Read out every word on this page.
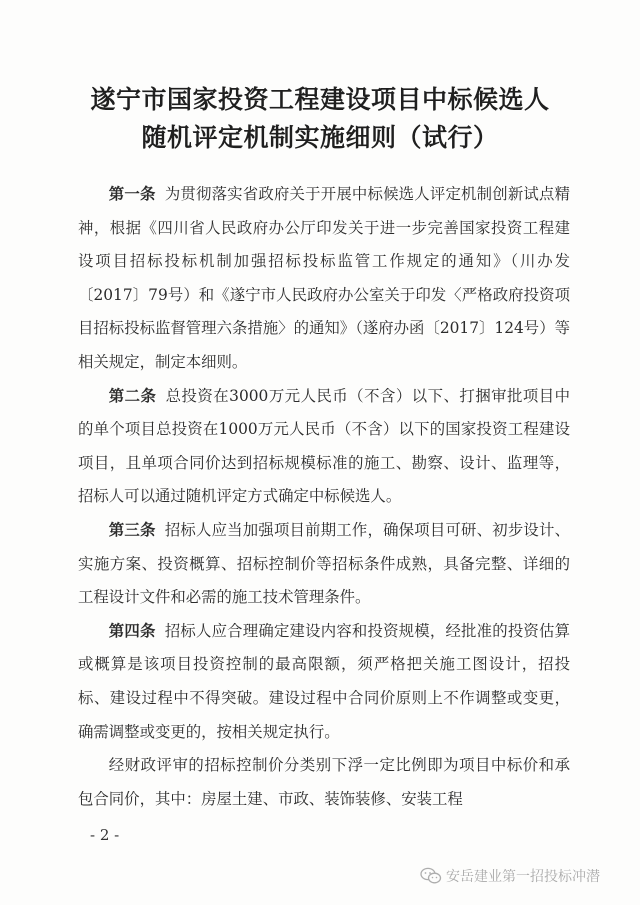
遂宁市国家投资工程建设项目中标候选人
随机评定机制实施细则（试行）

第一条 为贯彻落实省政府关于开展中标候选人评定机制创新试点精神，根据《四川省人民政府办公厅印发关于进一步完善国家投资工程建设项目招标投标机制加强招标投标监管工作规定的通知》（川办发〔2017〕79号）和《遂宁市人民政府办公室关于印发〈严格政府投资项目招标投标监督管理六条措施〉的通知》（遂府办函〔2017〕124号）等相关规定，制定本细则。

第二条 总投资在3000万元人民币（不含）以下、打捆审批项目中的单个项目总投资在1000万元人民币（不含）以下的国家投资工程建设项目，且单项合同价达到招标规模标准的施工、勘察、设计、监理等，招标人可以通过随机评定方式确定中标候选人。

第三条 招标人应当加强项目前期工作，确保项目可研、初步设计、实施方案、投资概算、招标控制价等招标条件成熟，具备完整、详细的工程设计文件和必需的施工技术管理条件。

第四条 招标人应合理确定建设内容和投资规模，经批准的投资估算或概算是该项目投资控制的最高限额，须严格把关施工图设计，招投标、建设过程中不得突破。建设过程中合同价原则上不作调整或变更，确需调整或变更的，按相关规定执行。

经财政评审的招标控制价分类别下浮一定比例即为项目中标价和承包合同价，其中：房屋土建、市政、装饰装修、安装工程

- 2 -
安岳建业第一招投标冲潜
